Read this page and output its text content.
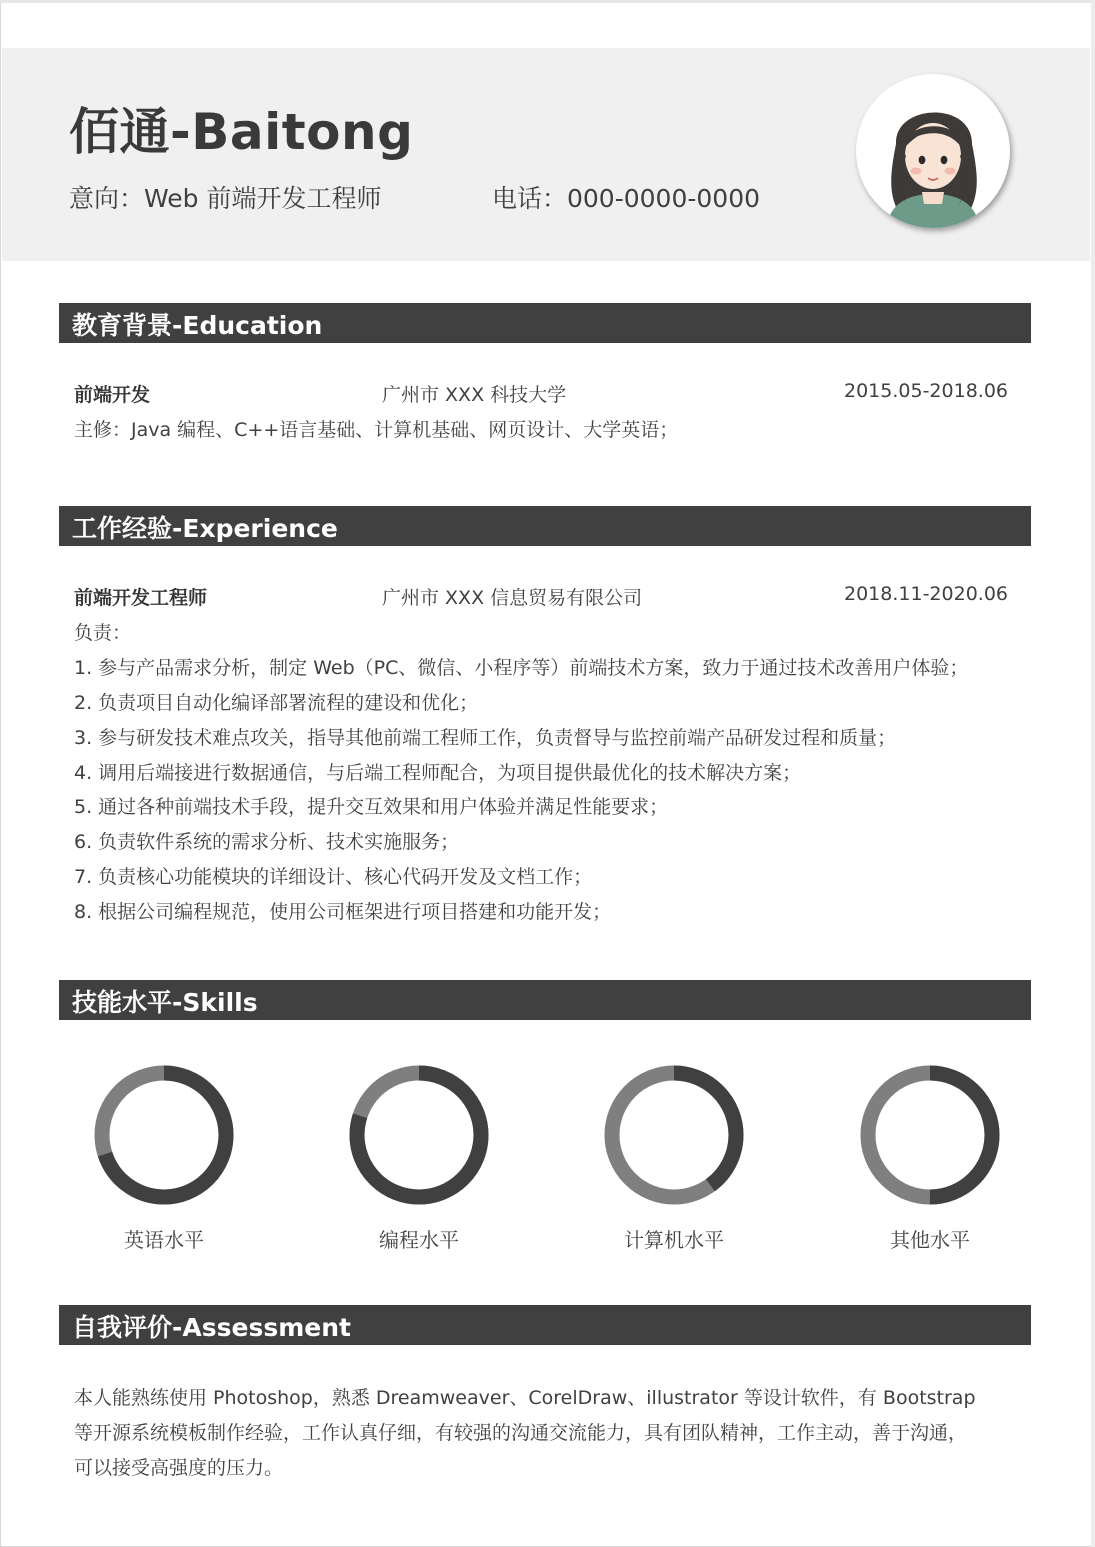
佰通-Baitong
意向：Web 前端开发工程师	电话：000-0000-0000
教育背景-Education
前端开发	广州市 XXX 科技大学	2015.05-2018.06
主修：Java 编程、C++语言基础、计算机基础、网页设计、大学英语；
工作经验-Experience
前端开发工程师	广州市 XXX 信息贸易有限公司	2018.11-2020.06
负责：
1. 参与产品需求分析，制定 Web（PC、微信、小程序等）前端技术方案，致力于通过技术改善用户体验；
2. 负责项目自动化编译部署流程的建设和优化；
3. 参与研发技术难点攻关，指导其他前端工程师工作，负责督导与监控前端产品研发过程和质量；
4. 调用后端接进行数据通信，与后端工程师配合，为项目提供最优化的技术解决方案；
5. 通过各种前端技术手段，提升交互效果和用户体验并满足性能要求；
6. 负责软件系统的需求分析、技术实施服务；
7. 负责核心功能模块的详细设计、核心代码开发及文档工作；
8. 根据公司编程规范，使用公司框架进行项目搭建和功能开发；
技能水平-Skills
英语水平	编程水平	计算机水平	其他水平
自我评价-Assessment
本人能熟练使用 Photoshop，熟悉 Dreamweaver、CorelDraw、illustrator 等设计软件，有 Bootstrap
等开源系统模板制作经验，工作认真仔细，有较强的沟通交流能力，具有团队精神，工作主动，善于沟通，
可以接受高强度的压力。
